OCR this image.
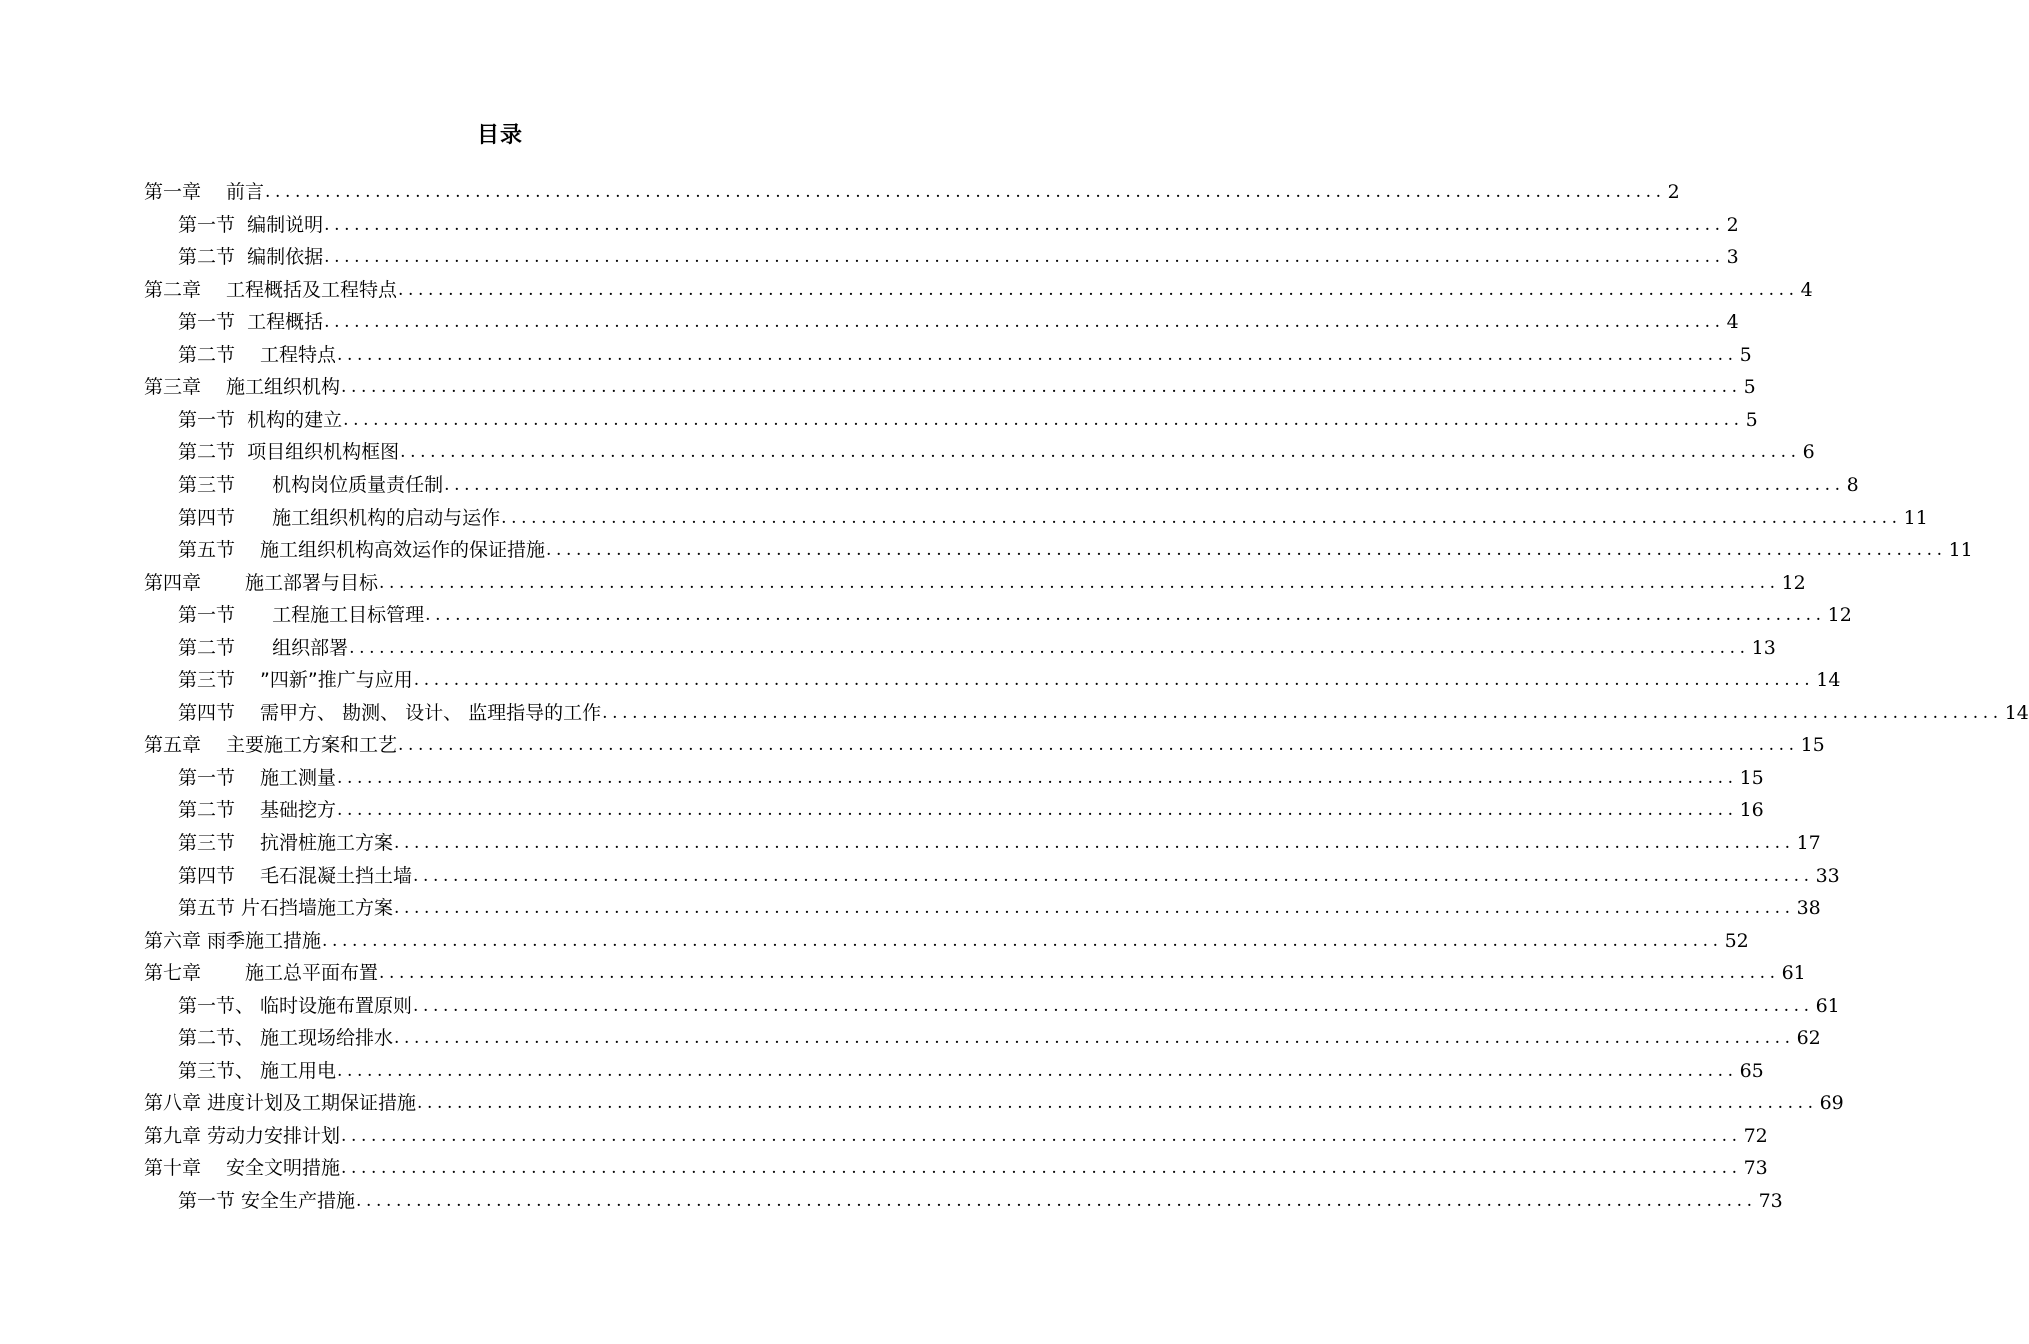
目录
第一章　 前言 ............................................................................................................................................ 2
第一节  编制说明 ............................................................................................................................................ 2
第二节  编制依据 ............................................................................................................................................ 3
第二章　 工程概括及工程特点 ............................................................................................................................................ 4
第一节  工程概括 ............................................................................................................................................ 4
第二节 　工程特点 ............................................................................................................................................ 5
第三章　 施工组织机构 ............................................................................................................................................ 5
第一节  机构的建立 ............................................................................................................................................ 5
第二节  项目组织机构框图 ............................................................................................................................................ 6
第三节  　 机构岗位质量责任制 ............................................................................................................................................ 8
第四节  　 施工组织机构的启动与运作 ............................................................................................................................................ 11
第五节 　施工组织机构高效运作的保证措施 ............................................................................................................................................ 11
第四章　　 施工部署与目标 ............................................................................................................................................ 12
第一节  　 工程施工目标管理 ............................................................................................................................................ 12
第二节  　 组织部署 ............................................................................................................................................ 13
第三节 　”四新”推广与应用 ............................................................................................................................................ 14
第四节 　需甲方、 勘测、 设计、 监理指导的工作 ............................................................................................................................................ 14
第五章　 主要施工方案和工艺 ............................................................................................................................................ 15
第一节 　施工测量 ............................................................................................................................................ 15
第二节 　基础挖方 ............................................................................................................................................ 16
第三节 　抗滑桩施工方案 ............................................................................................................................................ 17
第四节 　毛石混凝土挡土墙 ............................................................................................................................................ 33
第五节 片石挡墙施工方案 ............................................................................................................................................ 38
第六章 雨季施工措施 ............................................................................................................................................ 52
第七章　　 施工总平面布置 ............................................................................................................................................ 61
第一节、 临时设施布置原则 ............................................................................................................................................ 61
第二节、 施工现场给排水 ............................................................................................................................................ 62
第三节、 施工用电 ............................................................................................................................................ 65
第八章 进度计划及工期保证措施 ............................................................................................................................................ 69
第九章 劳动力安排计划 ............................................................................................................................................ 72
第十章 　安全文明措施 ............................................................................................................................................ 73
第一节 安全生产措施 ............................................................................................................................................ 73
